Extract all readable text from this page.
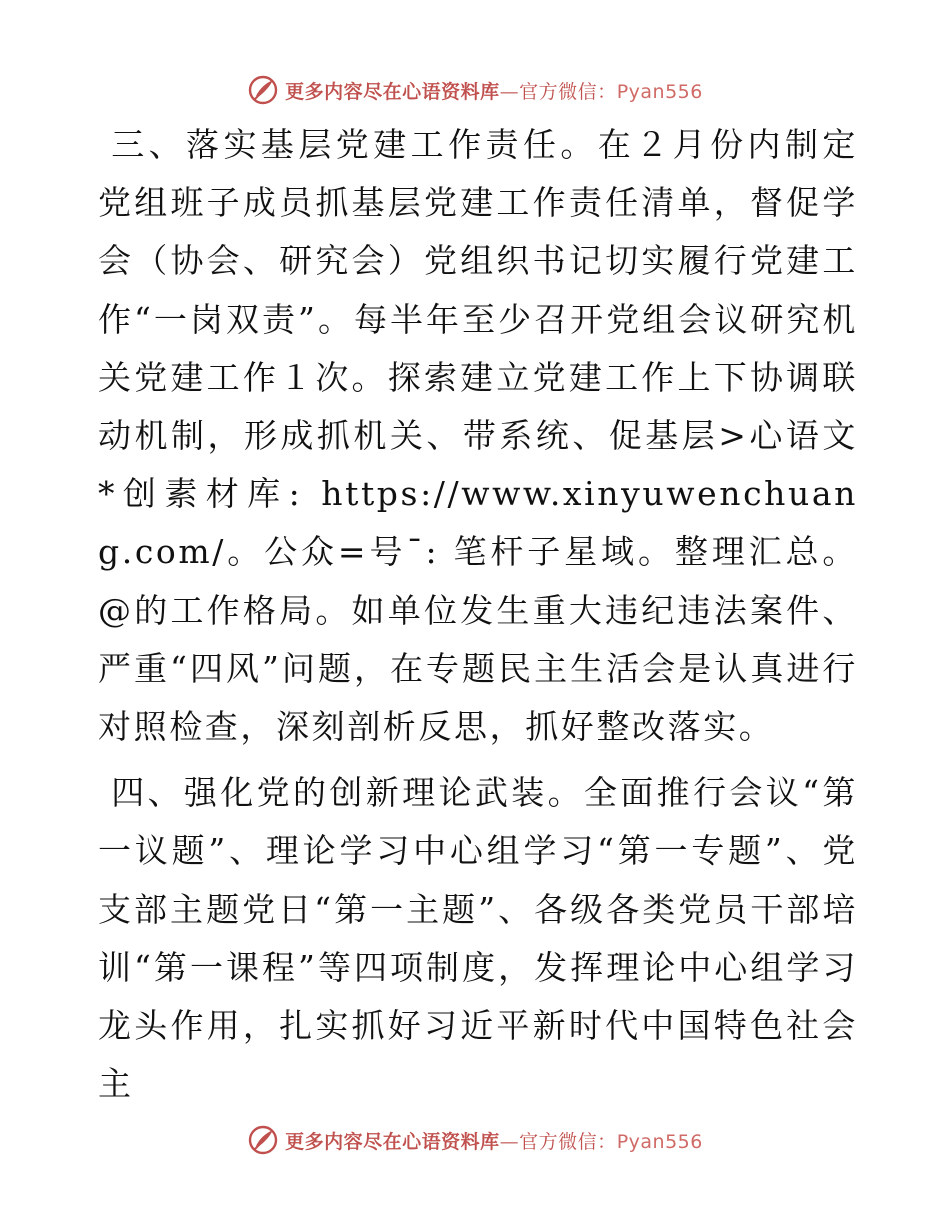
更多内容尽在心语资料库—官方微信：Pyan556

三、落实基层党建工作责任。在２月份内制定党组班子成员抓基层党建工作责任清单，督促学会（协会、研究会）党组织书记切实履行党建工作“一岗双责”。每半年至少召开党组会议研究机关党建工作１次。探索建立党建工作上下协调联动机制，形成抓机关、带系统、促基层>心语文*创素材库: https://www.xinyuwenchuang.com/。公众=号¯: 笔杆子星域。整理汇总。@的工作格局。如单位发生重大违纪违法案件、严重“四风”问题，在专题民主生活会是认真进行对照检查，深刻剖析反思，抓好整改落实。

四、强化党的创新理论武装。全面推行会议“第一议题”、理论学习中心组学习“第一专题”、党支部主题党日“第一主题”、各级各类党员干部培训“第一课程”等四项制度，发挥理论中心组学习龙头作用，扎实抓好习近平新时代中国特色社会主

更多内容尽在心语资料库—官方微信：Pyan556
